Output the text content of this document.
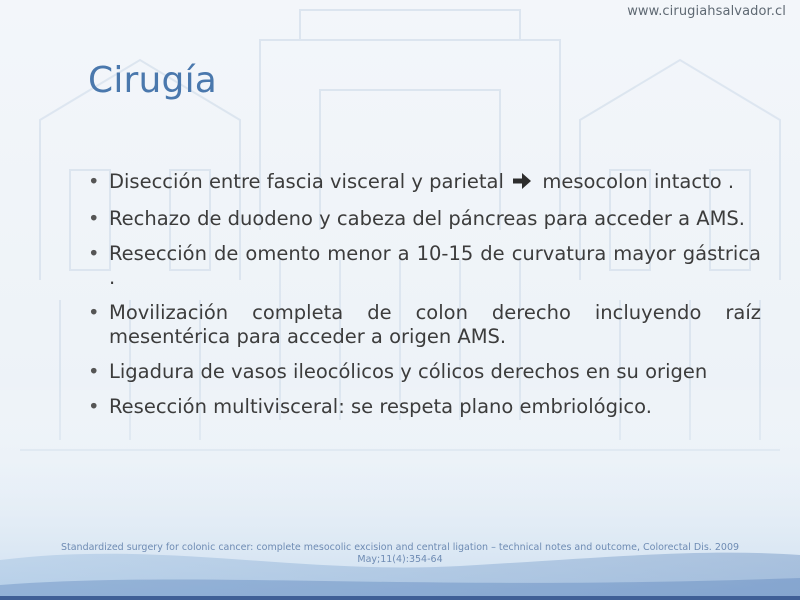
www.cirugiahsalvador.cl
Cirugía
• Disección entre fascia visceral y parietal mesocolon intacto .
• Rechazo de duodeno y cabeza del páncreas para acceder a AMS.
• Resección de omento menor a 10-15 de curvatura mayor gástrica .
• Movilización completa de colon derecho incluyendo raíz mesentérica para acceder a origen AMS.
• Ligadura de vasos ileocólicos y cólicos derechos en su origen
• Resección multivisceral: se respeta plano embriológico.

Standardized surgery for colonic cancer: complete mesocolic excision and central ligation – technical notes and outcome, Colorectal Dis. 2009 May;11(4):354-64
